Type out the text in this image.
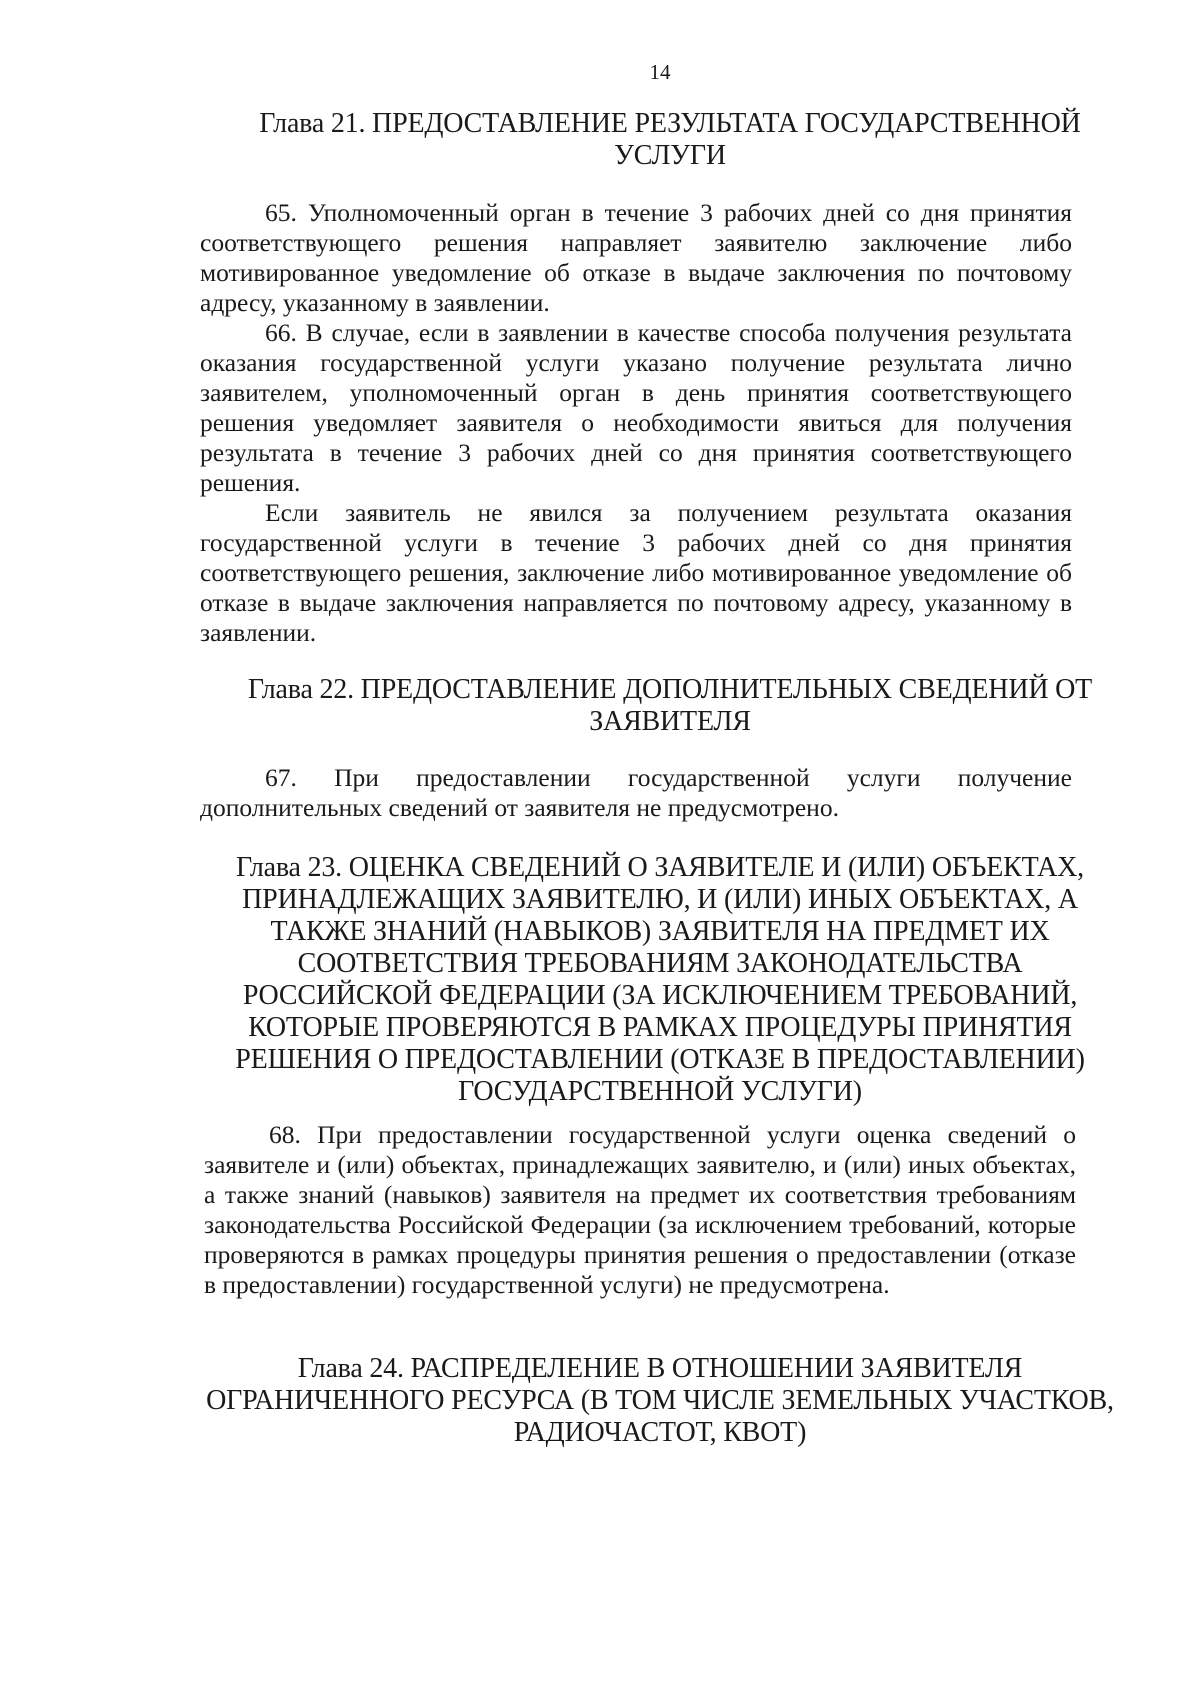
14
Глава 21. ПРЕДОСТАВЛЕНИЕ РЕЗУЛЬТАТА ГОСУДАРСТВЕННОЙ
УСЛУГИ
65. Уполномоченный орган в течение 3 рабочих дней со дня принятия соответствующего решения направляет заявителю заключение либо мотивированное уведомление об отказе в выдаче заключения по почтовому адресу, указанному в заявлении.
66. В случае, если в заявлении в качестве способа получения результата оказания государственной услуги указано получение результата лично заявителем, уполномоченный орган в день принятия соответствующего решения уведомляет заявителя о необходимости явиться для получения результата в течение 3 рабочих дней со дня принятия соответствующего решения.
Если заявитель не явился за получением результата оказания государственной услуги в течение 3 рабочих дней со дня принятия соответствующего решения, заключение либо мотивированное уведомление об отказе в выдаче заключения направляется по почтовому адресу, указанному в заявлении.
Глава 22. ПРЕДОСТАВЛЕНИЕ ДОПОЛНИТЕЛЬНЫХ СВЕДЕНИЙ ОТ
ЗАЯВИТЕЛЯ
67. При предоставлении государственной услуги получение дополнительных сведений от заявителя не предусмотрено.
Глава 23. ОЦЕНКА СВЕДЕНИЙ О ЗАЯВИТЕЛЕ И (ИЛИ) ОБЪЕКТАХ,
ПРИНАДЛЕЖАЩИХ ЗАЯВИТЕЛЮ, И (ИЛИ) ИНЫХ ОБЪЕКТАХ, А
ТАКЖЕ ЗНАНИЙ (НАВЫКОВ) ЗАЯВИТЕЛЯ НА ПРЕДМЕТ ИХ
СООТВЕТСТВИЯ ТРЕБОВАНИЯМ ЗАКОНОДАТЕЛЬСТВА
РОССИЙСКОЙ ФЕДЕРАЦИИ (ЗА ИСКЛЮЧЕНИЕМ ТРЕБОВАНИЙ,
КОТОРЫЕ ПРОВЕРЯЮТСЯ В РАМКАХ ПРОЦЕДУРЫ ПРИНЯТИЯ
РЕШЕНИЯ О ПРЕДОСТАВЛЕНИИ (ОТКАЗЕ В ПРЕДОСТАВЛЕНИИ)
ГОСУДАРСТВЕННОЙ УСЛУГИ)
68. При предоставлении государственной услуги оценка сведений о заявителе и (или) объектах, принадлежащих заявителю, и (или) иных объектах, а также знаний (навыков) заявителя на предмет их соответствия требованиям законодательства Российской Федерации (за исключением требований, которые проверяются в рамках процедуры принятия решения о предоставлении (отказе в предоставлении) государственной услуги) не предусмотрена.
Глава 24. РАСПРЕДЕЛЕНИЕ В ОТНОШЕНИИ ЗАЯВИТЕЛЯ
ОГРАНИЧЕННОГО РЕСУРСА (В ТОМ ЧИСЛЕ ЗЕМЕЛЬНЫХ УЧАСТКОВ,
РАДИОЧАСТОТ, КВОТ)
